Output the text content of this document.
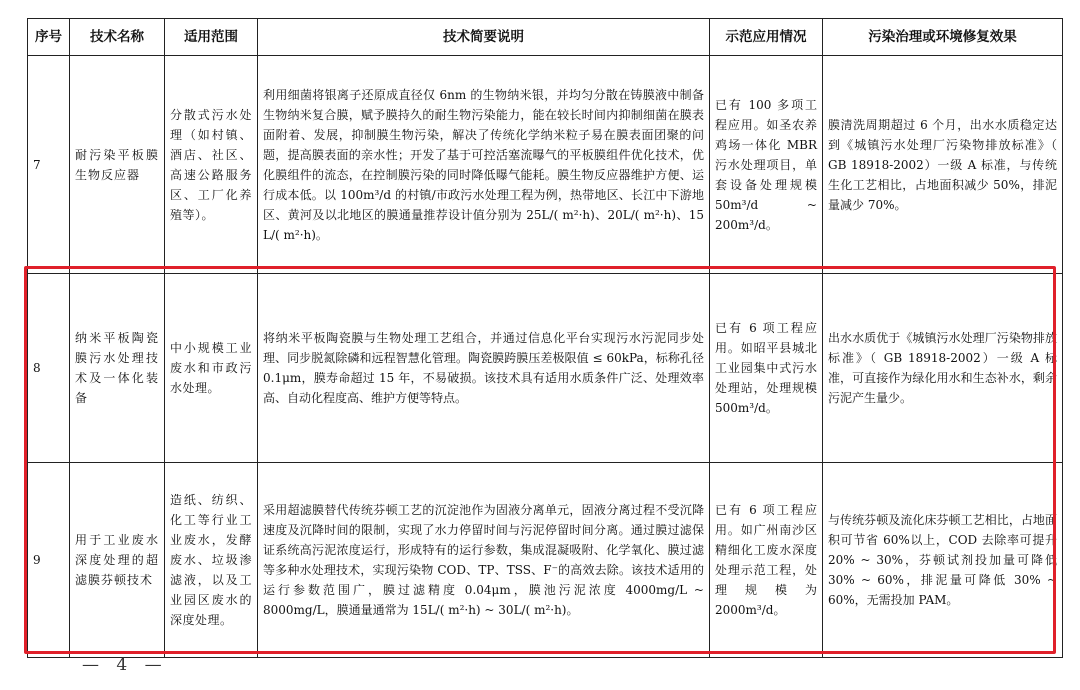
序号	技术名称	适用范围	技术简要说明	示范应用情况	污染治理或环境修复效果
7	耐污染平板膜生物反应器	分散式污水处理（如村镇、酒店、社区、高速公路服务区、工厂化养殖等）。	利用细菌将银离子还原成直径仅 6nm 的生物纳米银，并均匀分散在铸膜液中制备生物纳米复合膜，赋予膜持久的耐生物污染能力，能在较长时间内抑制细菌在膜表面附着、发展，抑制膜生物污染，解决了传统化学纳米粒子易在膜表面团聚的问题，提高膜表面的亲水性；开发了基于可控活塞流曝气的平板膜组件优化技术，优化膜组件的流态，在控制膜污染的同时降低曝气能耗。膜生物反应器维护方便、运行成本低。以 100m³/d 的村镇/市政污水处理工程为例，热带地区、长江中下游地区、黄河及以北地区的膜通量推荐设计值分别为 25L/( m²·h)、20L/( m²·h)、15 L/( m²·h)。	已有 100 多项工程应用。如圣农养鸡场一体化 MBR 污水处理项目，单套设备处理规模 50m³/d ~ 200m³/d。	膜清洗周期超过 6 个月，出水水质稳定达到《城镇污水处理厂污染物排放标准》（ GB 18918-2002）一级 A 标准，与传统生化工艺相比，占地面积减少 50%，排泥量减少 70%。
8	纳米平板陶瓷膜污水处理技术及一体化装备	中小规模工业废水和市政污水处理。	将纳米平板陶瓷膜与生物处理工艺组合，并通过信息化平台实现污水污泥同步处理、同步脱氮除磷和远程智慧化管理。陶瓷膜跨膜压差极限值 ≤ 60kPa，标称孔径 0.1μm，膜寿命超过 15 年，不易破损。该技术具有适用水质条件广泛、处理效率高、自动化程度高、维护方便等特点。	已有 6 项工程应用。如昭平县城北工业园集中式污水处理站，处理规模 500m³/d。	出水水质优于《城镇污水处理厂污染物排放标准》（ GB 18918-2002）一级 A 标准，可直接作为绿化用水和生态补水，剩余污泥产生量少。
9	用于工业废水深度处理的超滤膜芬顿技术	造纸、纺织、化工等行业工业废水，发酵废水、垃圾渗滤液，以及工业园区废水的深度处理。	采用超滤膜替代传统芬顿工艺的沉淀池作为固液分离单元，固液分离过程不受沉降速度及沉降时间的限制，实现了水力停留时间与污泥停留时间分离。通过膜过滤保证系统高污泥浓度运行，形成特有的运行参数，集成混凝吸附、化学氧化、膜过滤等多种水处理技术，实现污染物 COD、TP、TSS、F⁻的高效去除。该技术适用的运行参数范围广，膜过滤精度 0.04μm，膜池污泥浓度 4000mg/L ~ 8000mg/L，膜通量通常为 15L/( m²·h) ~ 30L/( m²·h)。	已有 6 项工程应用。如广州南沙区精细化工废水深度处理示范工程，处理规模为 2000m³/d。	与传统芬顿及流化床芬顿工艺相比，占地面积可节省 60%以上，COD 去除率可提升 20% ~ 30%，芬顿试剂投加量可降低 30% ~ 60%，排泥量可降低 30% ~ 60%，无需投加 PAM。
— 4 —
